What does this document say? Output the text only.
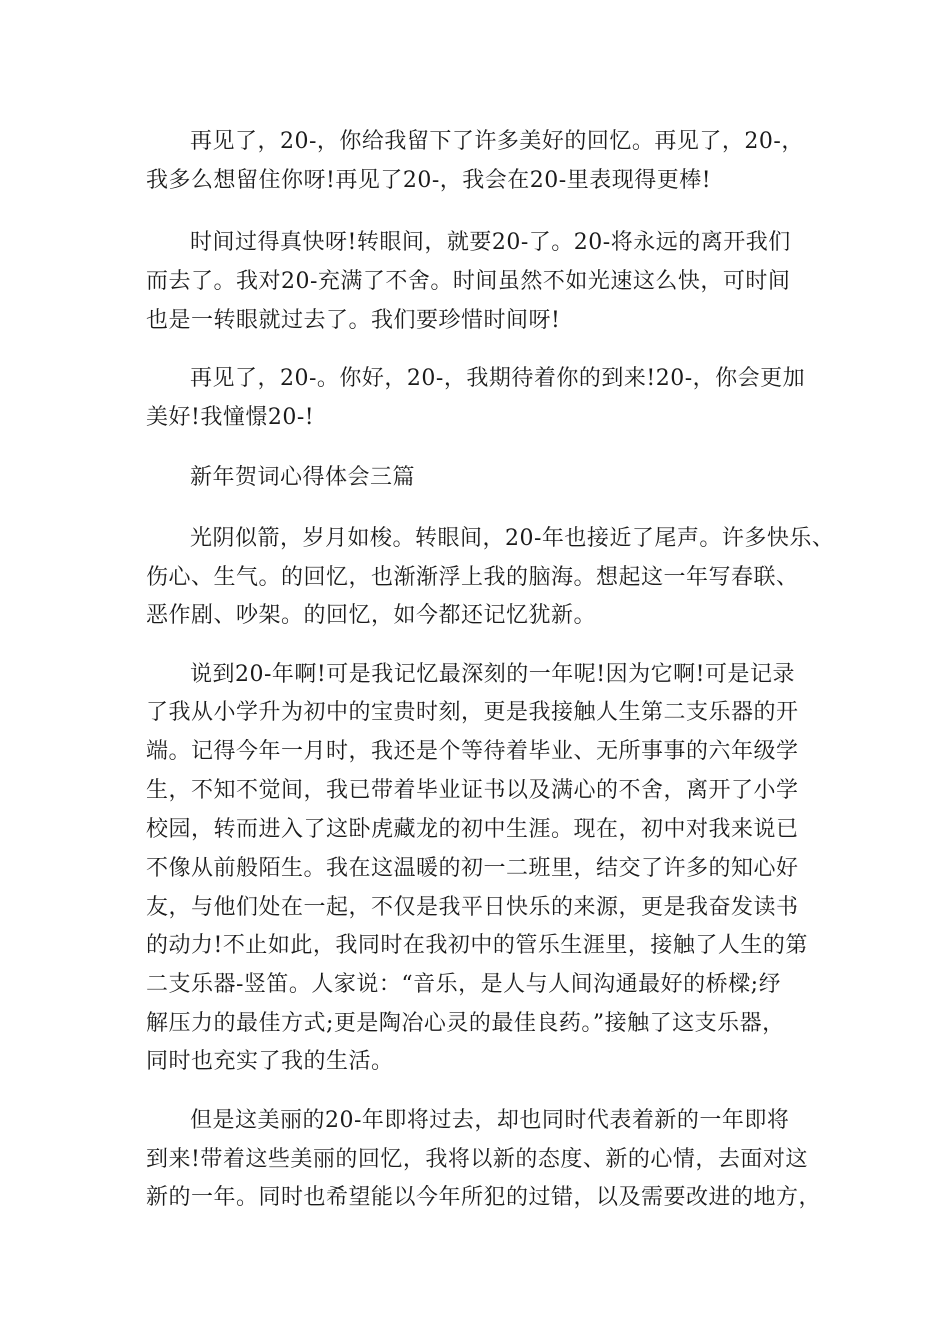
再见了，20-，你给我留下了许多美好的回忆。再见了，20-，
我多么想留住你呀!再见了20-，我会在20-里表现得更棒!
时间过得真快呀!转眼间，就要20-了。20-将永远的离开我们
而去了。我对20-充满了不舍。时间虽然不如光速这么快，可时间
也是一转眼就过去了。我们要珍惜时间呀!
再见了，20-。你好，20-，我期待着你的到来!20-，你会更加
美好!我憧憬20-!
新年贺词心得体会三篇
光阴似箭，岁月如梭。转眼间，20-年也接近了尾声。许多快乐、
伤心、生气。的回忆，也渐渐浮上我的脑海。想起这一年写春联、
恶作剧、吵架。的回忆，如今都还记忆犹新。
说到20-年啊!可是我记忆最深刻的一年呢!因为它啊!可是记录
了我从小学升为初中的宝贵时刻，更是我接触人生第二支乐器的开
端。记得今年一月时，我还是个等待着毕业、无所事事的六年级学
生，不知不觉间，我已带着毕业证书以及满心的不舍，离开了小学
校园，转而进入了这卧虎藏龙的初中生涯。现在，初中对我来说已
不像从前般陌生。我在这温暖的初一二班里，结交了许多的知心好
友，与他们处在一起，不仅是我平日快乐的来源，更是我奋发读书
的动力!不止如此，我同时在我初中的管乐生涯里，接触了人生的第
二支乐器-竖笛。人家说：“音乐，是人与人间沟通最好的桥樑;纾
解压力的最佳方式;更是陶冶心灵的最佳良药。”接触了这支乐器，
同时也充实了我的生活。
但是这美丽的20-年即将过去，却也同时代表着新的一年即将
到来!带着这些美丽的回忆，我将以新的态度、新的心情，去面对这
新的一年。同时也希望能以今年所犯的过错，以及需要改进的地方，
